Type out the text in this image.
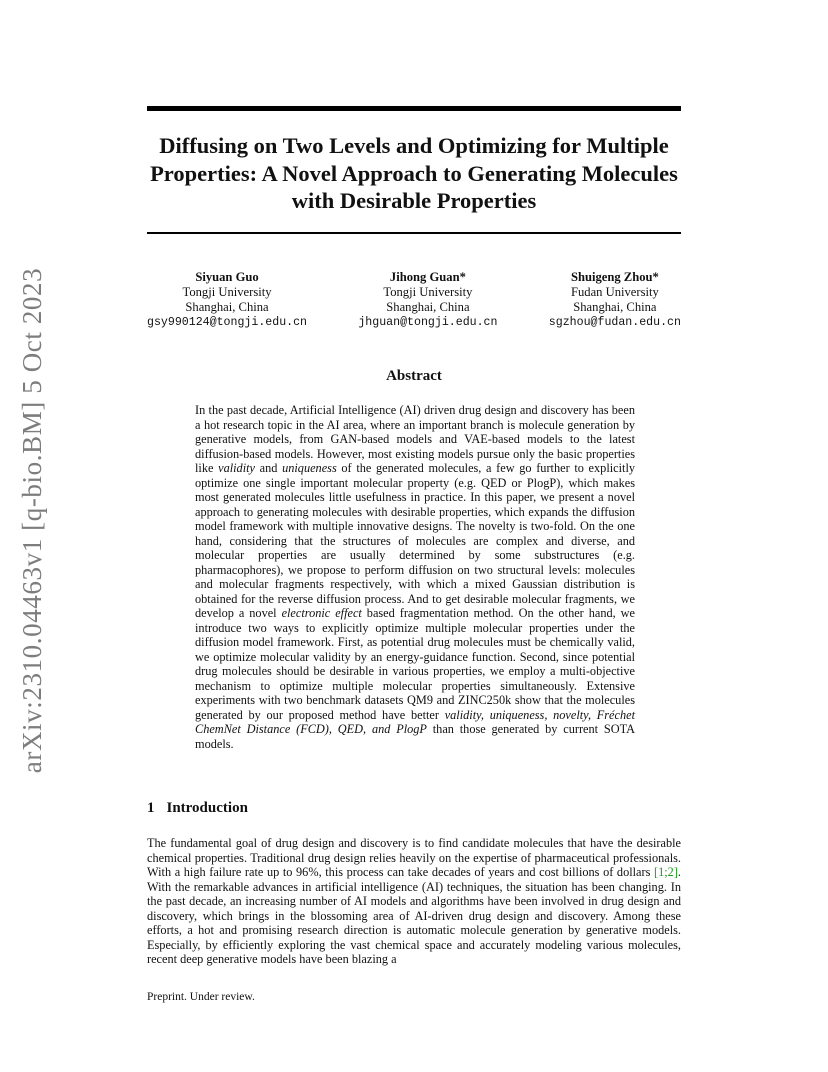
arXiv:2310.04463v1 [q-bio.BM] 5 Oct 2023
Diffusing on Two Levels and Optimizing for Multiple Properties: A Novel Approach to Generating Molecules with Desirable Properties
Siyuan Guo
Tongji University
Shanghai, China
gsy990124@tongji.edu.cn
Jihong Guan*
Tongji University
Shanghai, China
jhguan@tongji.edu.cn
Shuigeng Zhou*
Fudan University
Shanghai, China
sgzhou@fudan.edu.cn
Abstract

In the past decade, Artificial Intelligence (AI) driven drug design and discovery has been a hot research topic in the AI area, where an important branch is molecule generation by generative models, from GAN-based models and VAE-based models to the latest diffusion-based models. However, most existing models pursue only the basic properties like validity and uniqueness of the generated molecules, a few go further to explicitly optimize one single important molecular property (e.g. QED or PlogP), which makes most generated molecules little usefulness in practice. In this paper, we present a novel approach to generating molecules with desirable properties, which expands the diffusion model framework with multiple innovative designs. The novelty is two-fold. On the one hand, considering that the structures of molecules are complex and diverse, and molecular properties are usually determined by some substructures (e.g. pharmacophores), we propose to perform diffusion on two structural levels: molecules and molecular fragments respectively, with which a mixed Gaussian distribution is obtained for the reverse diffusion process. And to get desirable molecular fragments, we develop a novel electronic effect based fragmentation method. On the other hand, we introduce two ways to explicitly optimize multiple molecular properties under the diffusion model framework. First, as potential drug molecules must be chemically valid, we optimize molecular validity by an energy-guidance function. Second, since potential drug molecules should be desirable in various properties, we employ a multi-objective mechanism to optimize multiple molecular properties simultaneously. Extensive experiments with two benchmark datasets QM9 and ZINC250k show that the molecules generated by our proposed method have better validity, uniqueness, novelty, Fréchet ChemNet Distance (FCD), QED, and PlogP than those generated by current SOTA models.

1 Introduction

The fundamental goal of drug design and discovery is to find candidate molecules that have the desirable chemical properties. Traditional drug design relies heavily on the expertise of pharmaceutical professionals. With a high failure rate up to 96%, this process can take decades of years and cost billions of dollars [1;2]. With the remarkable advances in artificial intelligence (AI) techniques, the situation has been changing. In the past decade, an increasing number of AI models and algorithms have been involved in drug design and discovery, which brings in the blossoming area of AI-driven drug design and discovery. Among these efforts, a hot and promising research direction is automatic molecule generation by generative models. Especially, by efficiently exploring the vast chemical space and accurately modeling various molecules, recent deep generative models have been blazing a

Preprint. Under review.
